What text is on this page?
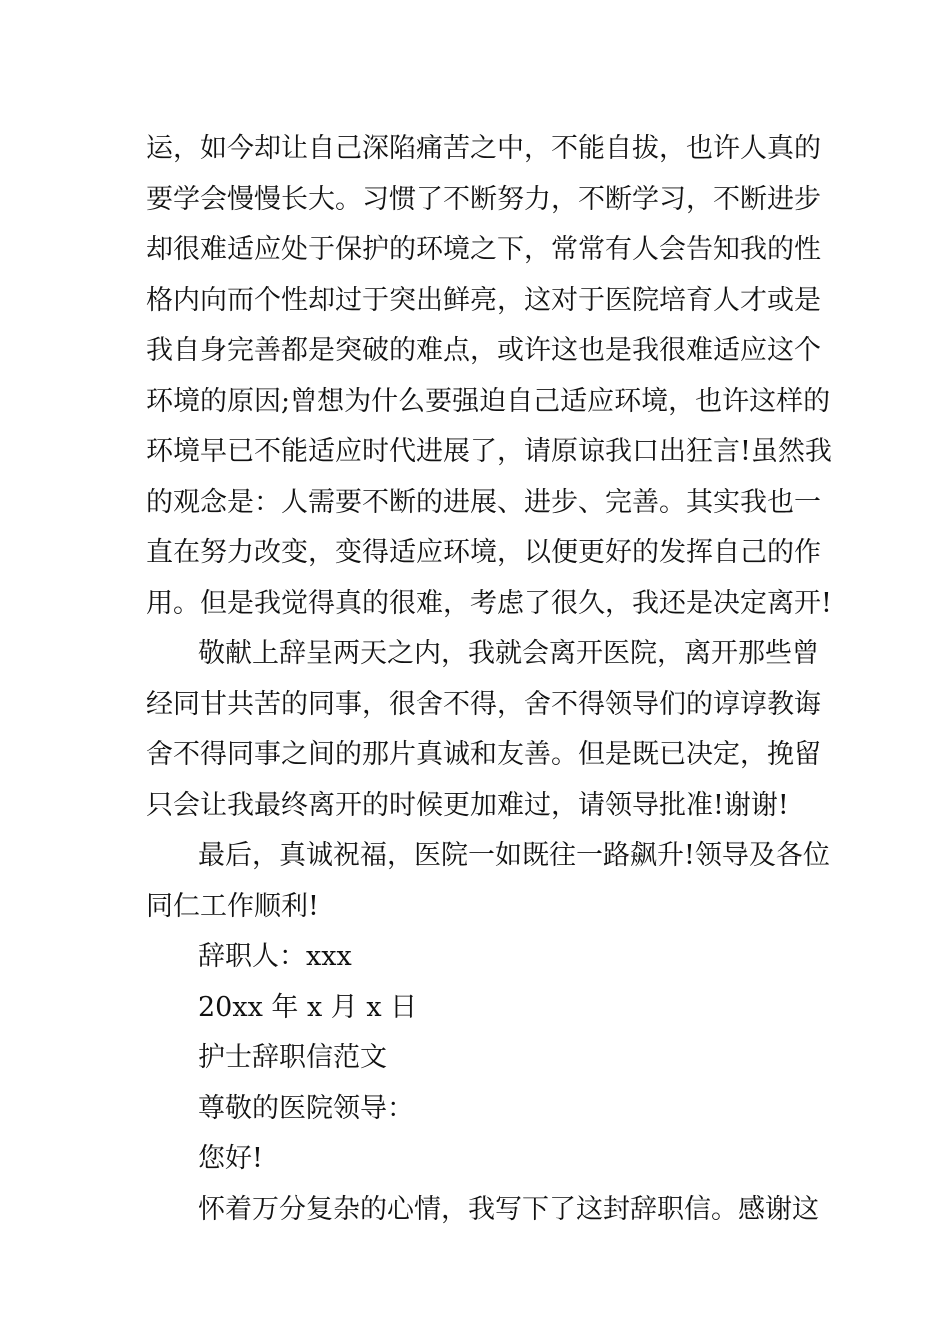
运，如今却让自己深陷痛苦之中，不能自拔，也许人真的
要学会慢慢长大。习惯了不断努力，不断学习，不断进步
却很难适应处于保护的环境之下，常常有人会告知我的性
格内向而个性却过于突出鲜亮，这对于医院培育人才或是
我自身完善都是突破的难点，或许这也是我很难适应这个
环境的原因;曾想为什么要强迫自己适应环境，也许这样的
环境早已不能适应时代进展了，请原谅我口出狂言!虽然我
的观念是：人需要不断的进展、进步、完善。其实我也一
直在努力改变，变得适应环境，以便更好的发挥自己的作
用。但是我觉得真的很难，考虑了很久，我还是决定离开!
敬献上辞呈两天之内，我就会离开医院，离开那些曾
经同甘共苦的同事，很舍不得，舍不得领导们的谆谆教诲
舍不得同事之间的那片真诚和友善。但是既已决定，挽留
只会让我最终离开的时候更加难过，请领导批准!谢谢!
最后，真诚祝福，医院一如既往一路飙升!领导及各位
同仁工作顺利!
辞职人：xxx
20xx 年 x 月 x 日
护士辞职信范文
尊敬的医院领导：
您好!
怀着万分复杂的心情，我写下了这封辞职信。感谢这
